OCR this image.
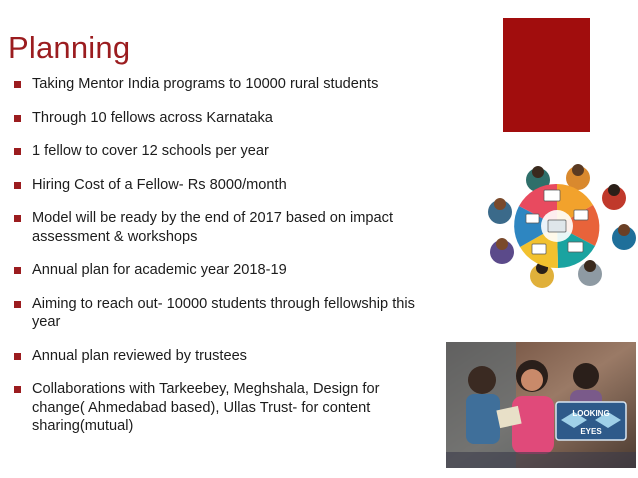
Planning
Taking Mentor India programs to 10000 rural students
Through 10 fellows across Karnataka
1 fellow to cover 12 schools per year
Hiring Cost of a Fellow- Rs 8000/month
Model will be ready by the end of 2017 based on impact assessment & workshops
Annual plan for academic year 2018-19
Aiming to reach out- 10000 students through fellowship this year
Annual plan reviewed by trustees
Collaborations with Tarkeebey, Meghshala, Design for change( Ahmedabad based), Ullas Trust- for content sharing(mutual)
LOOKING
EYES
